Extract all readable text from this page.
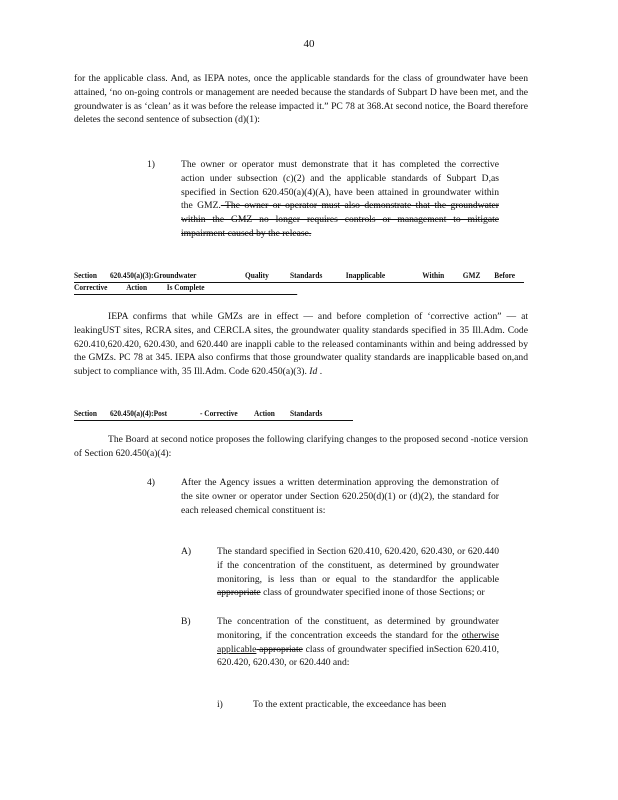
40
for the applicable class. And, as IEPA notes, once the applicable standards for the class of groundwater have been attained, ‘no on-going controls or management are needed because the standards of Subpart D have been met, and the groundwater is as ‘clean’ as it was before the release impacted it.” PC 78 at 368.At second notice, the Board therefore deletes the second sentence of subsection (d)(1):
1)	The owner or operator must demonstrate that it has completed the corrective action under subsection (c)(2) and the applicable standards of Subpart D,as specified in Section 620.450(a)(4)(A), have been attained in groundwater within the GMZ. The owner or operator must also demonstrate that the groundwater within the GMZ no longer requires controls or management to mitigate impairment caused by the release.
Section 620.450(a)(3):Groundwater	Quality	Standards	Inapplicable	Within GMZ Before
Corrective Action Is Complete
IEPA confirms that while GMZs are in effect — and before completion of ‘corrective action” — at leakingUST sites, RCRA sites, and CERCLA sites, the groundwater quality standards specified in 35 Ill.Adm. Code 620.410,620.420, 620.430, and 620.440 are inappli cable to the released contaminants within and being addressed by the GMZs. PC 78 at 345. IEPA also confirms that those groundwater quality standards are inapplicable based on,and subject to compliance with, 35 Ill.Adm. Code 620.450(a)(3). Id .
Section 620.450(a)(4):Post	- Corrective Action Standards
The Board at second notice proposes the following clarifying changes to the proposed second -notice version of Section 620.450(a)(4):
4)	After the Agency issues a written determination approving the demonstration of the site owner or operator under Section 620.250(d)(1) or (d)(2), the standard for each released chemical constituent is:
A)	The standard specified in Section 620.410, 620.420, 620.430, or 620.440 if the concentration of the constituent, as determined by groundwater monitoring, is less than or equal to the standardfor the applicable appropriate class of groundwater specified inone of those Sections; or
B)	The concentration of the constituent, as determined by groundwater monitoring, if the concentration exceeds the standard for the otherwise applicable appropriate class of groundwater specified inSection 620.410, 620.420, 620.430, or 620.440 and:
i)	To the extent practicable, the exceedance has been
